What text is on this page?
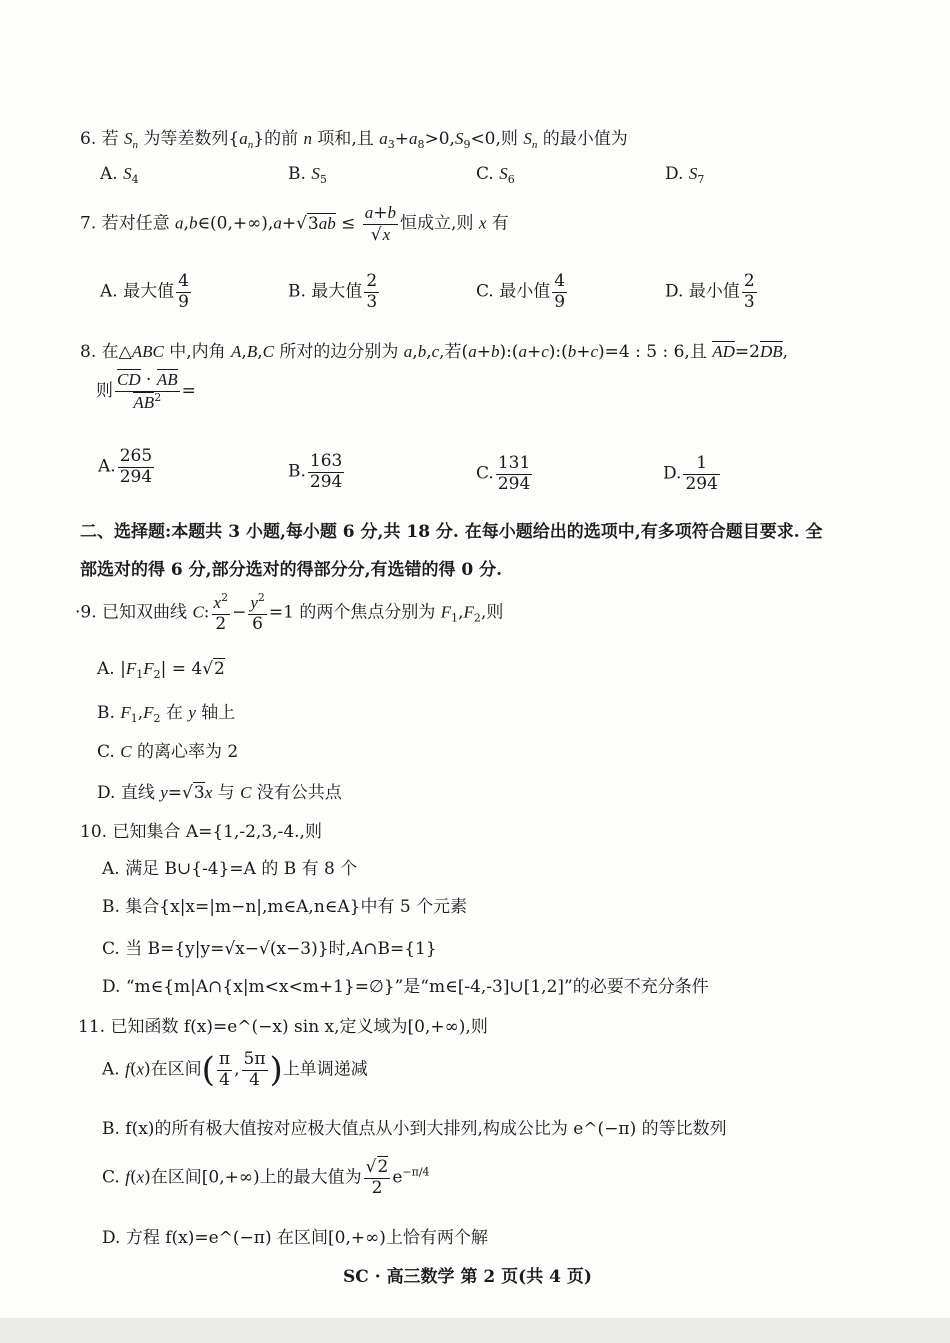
6. 若 $S_n$ 为等差数列$\{a_n\}$的前 n 项和,且 $a_3+a_8>0,S_9<0$,则 $S_n$ 的最小值为
A. $S_4$	B. $S_5$	C. $S_6$	D. $S_7$
7. 若对任意 a,b∈(0,+∞),a+√3ab ≤ $\frac{a+b}{√x}$ 恒成立,则 x 有
A. 最大值 $\frac{4}{9}$	B. 最大值 $\frac{2}{3}$	C. 最小值 $\frac{4}{9}$	D. 最小值 $\frac{2}{3}$
8. 在△ABC 中,内角 A,B,C 所对的边分别为 a,b,c,若(a+b):(a+c):(b+c)=4 : 5 : 6,且 AD=2DB,
则 $\frac{CD \cdot AB}{AB^2}$ =
A. $\frac{265}{294}$	B. $\frac{163}{294}$	C. $\frac{131}{294}$	D. $\frac{1}{294}$
二、选择题:本题共 3 小题,每小题 6 分,共 18 分. 在每小题给出的选项中,有多项符合题目要求. 全
部选对的得 6 分,部分选对的得部分分,有选错的得 0 分.
·9. 已知双曲线 C: $\frac{x^2}{2} - \frac{y^2}{6} =1$ 的两个焦点分别为 $F_1,F_2$,则
A. $|F_1F_2| = 4√2$
B. $F_1,F_2$ 在 y 轴上
C. C 的离心率为 2
D. 直线 y=√3x 与 C 没有公共点
10. 已知集合 A={1,-2,3,-4.,则
A. 满足 B∪{-4}=A 的 B 有 8 个
B. 集合{x|x=|m−n|,m∈A,n∈A}中有 5 个元素
C. 当 B={y|y=√x−√(x−3)}时,A∩B={1}
D. “m∈{m|A∩{x|m<x<m+1}=∅}”是“m∈[-4,-3]∪[1,2]”的必要不充分条件
11. 已知函数 f(x)=e^(−x) sin x,定义域为[0,+∞),则
A. f(x)在区间( $\frac{\pi}{4}$ , $\frac{5\pi}{4}$ )上单调递减
B. f(x)的所有极大值按对应极大值点从小到大排列,构成公比为 e^(−π) 的等比数列
C. f(x)在区间[0,+∞)上的最大值为 $\frac{√2}{2} e^{-\pi/4}$
D. 方程 f(x)=e^(−π) 在区间[0,+∞)上恰有两个解
SC · 高三数学 第 2 页(共 4 页)
